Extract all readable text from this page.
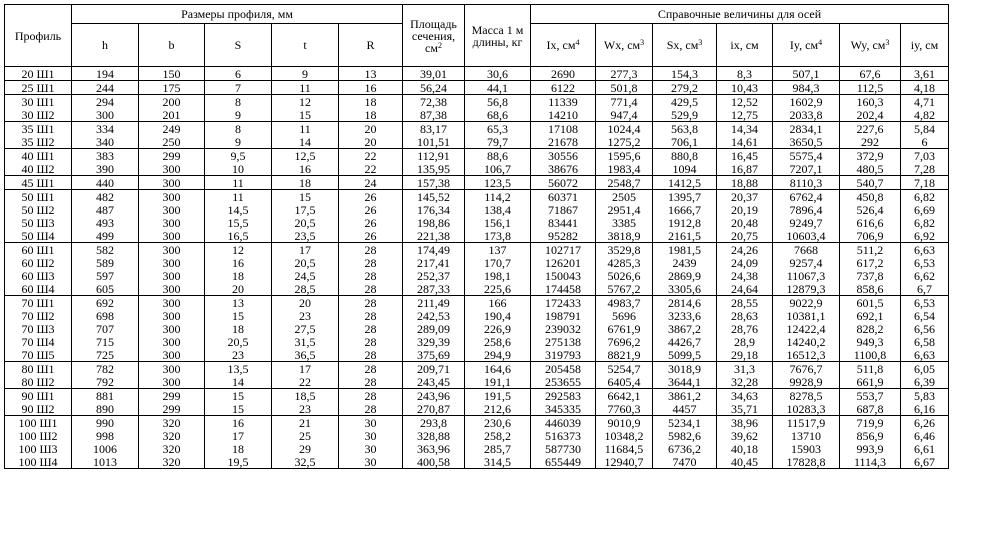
Профиль	Размеры профиля, мм					Площадь сечения, $см^2$	Масса 1 м длины, кг	Справочные величины для осей						
	h	b	S	t	R			Ix, $см^4$	Wx, $см^3$	Sx, $см^3$	ix, см	Iy, $см^4$	Wy, $см^3$	iy, см
20 Ш1	194	150	6	9	13	39,01	30,6	2690	277,3	154,3	8,3	507,1	67,6	3,61
25 Ш1	244	175	7	11	16	56,24	44,1	6122	501,8	279,2	10,43	984,3	112,5	4,18
30 Ш1	294	200	8	12	18	72,38	56,8	11339	771,4	429,5	12,52	1602,9	160,3	4,71
30 Ш2	300	201	9	15	18	87,38	68,6	14210	947,4	529,9	12,75	2033,8	202,4	4,82
35 Ш1	334	249	8	11	20	83,17	65,3	17108	1024,4	563,8	14,34	2834,1	227,6	5,84
35 Ш2	340	250	9	14	20	101,51	79,7	21678	1275,2	706,1	14,61	3650,5	292	6
40 Ш1	383	299	9,5	12,5	22	112,91	88,6	30556	1595,6	880,8	16,45	5575,4	372,9	7,03
40 Ш2	390	300	10	16	22	135,95	106,7	38676	1983,4	1094	16,87	7207,1	480,5	7,28
45 Ш1	440	300	11	18	24	157,38	123,5	56072	2548,7	1412,5	18,88	8110,3	540,7	7,18
50 Ш1	482	300	11	15	26	145,52	114,2	60371	2505	1395,7	20,37	6762,4	450,8	6,82
50 Ш2	487	300	14,5	17,5	26	176,34	138,4	71867	2951,4	1666,7	20,19	7896,4	526,4	6,69
50 Ш3	493	300	15,5	20,5	26	198,86	156,1	83441	3385	1912,8	20,48	9249,7	616,6	6,82
50 Ш4	499	300	16,5	23,5	26	221,38	173,8	95282	3818,9	2161,5	20,75	10603,4	706,9	6,92
60 Ш1	582	300	12	17	28	174,49	137	102717	3529,8	1981,5	24,26	7668	511,2	6,63
60 Ш2	589	300	16	20,5	28	217,41	170,7	126201	4285,3	2439	24,09	9257,4	617,2	6,53
60 Ш3	597	300	18	24,5	28	252,37	198,1	150043	5026,6	2869,9	24,38	11067,3	737,8	6,62
60 Ш4	605	300	20	28,5	28	287,33	225,6	174458	5767,2	3305,6	24,64	12879,3	858,6	6,7
70 Ш1	692	300	13	20	28	211,49	166	172433	4983,7	2814,6	28,55	9022,9	601,5	6,53
70 Ш2	698	300	15	23	28	242,53	190,4	198791	5696	3233,6	28,63	10381,1	692,1	6,54
70 Ш3	707	300	18	27,5	28	289,09	226,9	239032	6761,9	3867,2	28,76	12422,4	828,2	6,56
70 Ш4	715	300	20,5	31,5	28	329,39	258,6	275138	7696,2	4426,7	28,9	14240,2	949,3	6,58
70 Ш5	725	300	23	36,5	28	375,69	294,9	319793	8821,9	5099,5	29,18	16512,3	1100,8	6,63
80 Ш1	782	300	13,5	17	28	209,71	164,6	205458	5254,7	3018,9	31,3	7676,7	511,8	6,05
80 Ш2	792	300	14	22	28	243,45	191,1	253655	6405,4	3644,1	32,28	9928,9	661,9	6,39
90 Ш1	881	299	15	18,5	28	243,96	191,5	292583	6642,1	3861,2	34,63	8278,5	553,7	5,83
90 Ш2	890	299	15	23	28	270,87	212,6	345335	7760,3	4457	35,71	10283,3	687,8	6,16
100 Ш1	990	320	16	21	30	293,8	230,6	446039	9010,9	5234,1	38,96	11517,9	719,9	6,26
100 Ш2	998	320	17	25	30	328,88	258,2	516373	10348,2	5982,6	39,62	13710	856,9	6,46
100 Ш3	1006	320	18	29	30	363,96	285,7	587730	11684,5	6736,2	40,18	15903	993,9	6,61
100 Ш4	1013	320	19,5	32,5	30	400,58	314,5	655449	12940,7	7470	40,45	17828,8	1114,3	6,67
